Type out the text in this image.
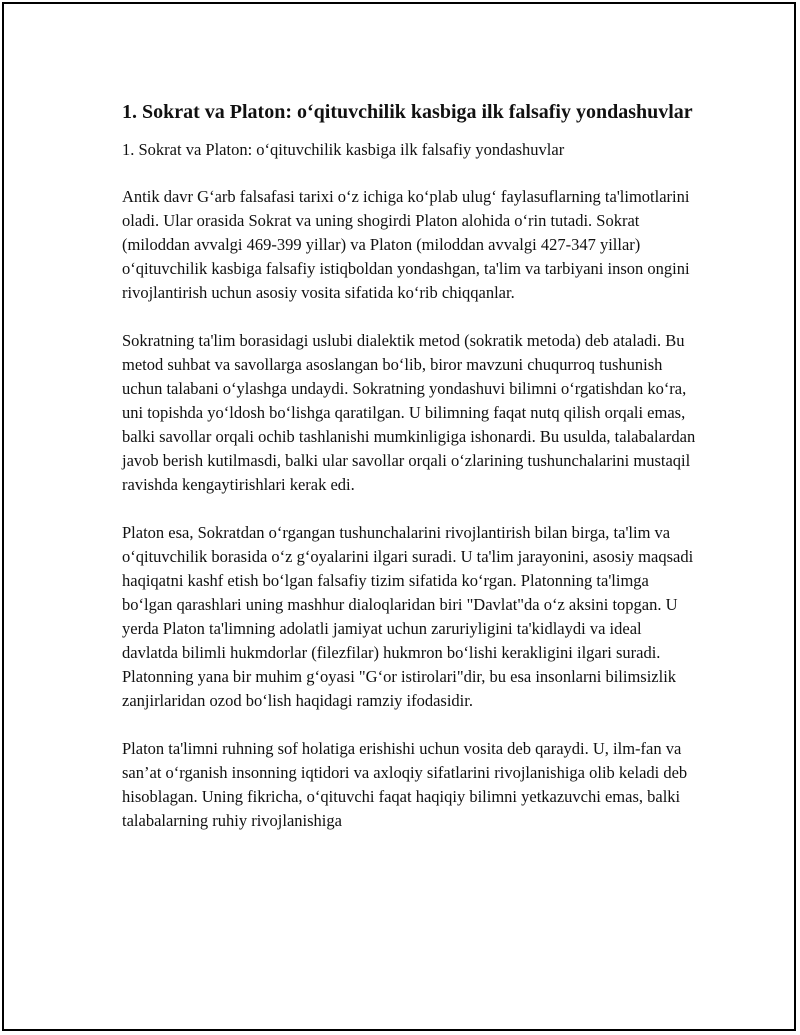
1. Sokrat va Platon: o‘qituvchilik kasbiga ilk falsafiy yondashuvlar

1. Sokrat va Platon: o‘qituvchilik kasbiga ilk falsafiy yondashuvlar

Antik davr G‘arb falsafasi tarixi o‘z ichiga ko‘plab ulug‘ faylasuflarning ta'limotlarini oladi. Ular orasida Sokrat va uning shogirdi Platon alohida o‘rin tutadi. Sokrat (miloddan avvalgi 469-399 yillar) va Platon (miloddan avvalgi 427-347 yillar) o‘qituvchilik kasbiga falsafiy istiqboldan yondashgan, ta'lim va tarbiyani inson ongini rivojlantirish uchun asosiy vosita sifatida ko‘rib chiqqanlar.

Sokratning ta'lim borasidagi uslubi dialektik metod (sokratik metoda) deb ataladi. Bu metod suhbat va savollarga asoslangan bo‘lib, biror mavzuni chuqurroq tushunish uchun talabani o‘ylashga undaydi. Sokratning yondashuvi bilimni o‘rgatishdan ko‘ra, uni topishda yo‘ldosh bo‘lishga qaratilgan. U bilimning faqat nutq qilish orqali emas, balki savollar orqali ochib tashlanishi mumkinligiga ishonardi. Bu usulda, talabalardan javob berish kutilmasdi, balki ular savollar orqali o‘zlarining tushunchalarini mustaqil ravishda kengaytirishlari kerak edi.

Platon esa, Sokratdan o‘rgangan tushunchalarini rivojlantirish bilan birga, ta'lim va o‘qituvchilik borasida o‘z g‘oyalarini ilgari suradi. U ta'lim jarayonini, asosiy maqsadi haqiqatni kashf etish bo‘lgan falsafiy tizim sifatida ko‘rgan. Platonning ta'limga bo‘lgan qarashlari uning mashhur dialoqlaridan biri "Davlat"da o‘z aksini topgan. U yerda Platon ta'limning adolatli jamiyat uchun zaruriyligini ta'kidlaydi va ideal davlatda bilimli hukmdorlar (filezfilar) hukmron bo‘lishi kerakligini ilgari suradi. Platonning yana bir muhim g‘oyasi "G‘or istirolari"dir, bu esa insonlarni bilimsizlik zanjirlaridan ozod bo‘lish haqidagi ramziy ifodasidir.

Platon ta'limni ruhning sof holatiga erishishi uchun vosita deb qaraydi. U, ilm-fan va san’at o‘rganish insonning iqtidori va axloqiy sifatlarini rivojlanishiga olib keladi deb hisoblagan. Uning fikricha, o‘qituvchi faqat haqiqiy bilimni yetkazuvchi emas, balki talabalarning ruhiy rivojlanishiga
